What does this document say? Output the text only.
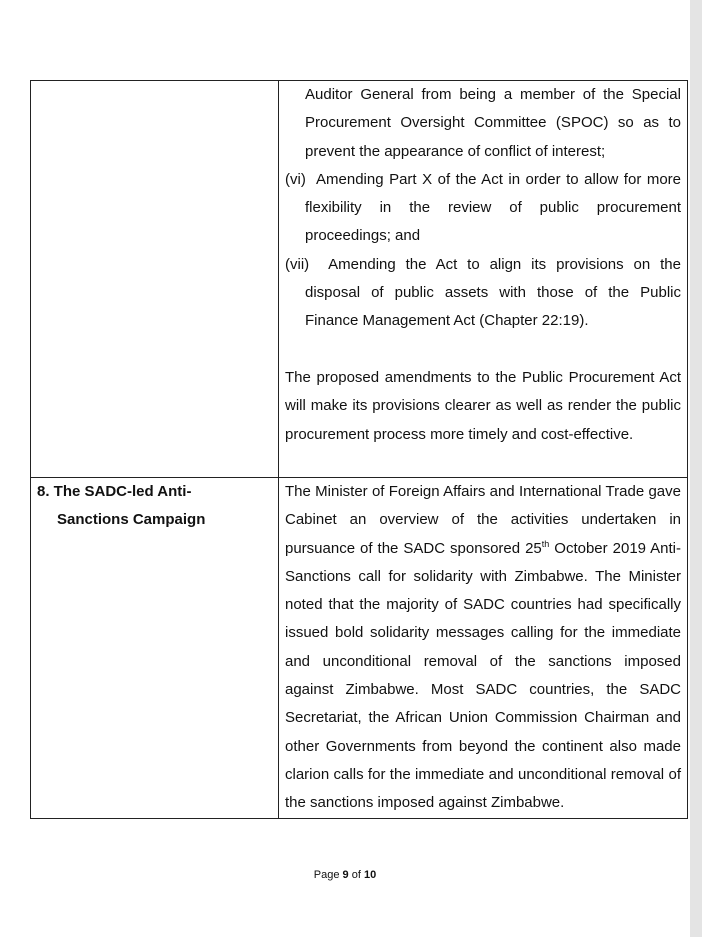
	Auditor General from being a member of the Special Procurement Oversight Committee (SPOC) so as to prevent the appearance of conflict of interest;
(vi) Amending Part X of the Act in order to allow for more flexibility in the review of public procurement proceedings; and
(vii) Amending the Act to align its provisions on the disposal of public assets with those of the Public Finance Management Act (Chapter 22:19).
The proposed amendments to the Public Procurement Act will make its provisions clearer as well as render the public procurement process more timely and cost-effective.

8. The SADC-led Anti-
Sanctions Campaign	The Minister of Foreign Affairs and International Trade gave Cabinet an overview of the activities undertaken in pursuance of the SADC sponsored 25th October 2019 Anti-Sanctions call for solidarity with Zimbabwe. The Minister noted that the majority of SADC countries had specifically issued bold solidarity messages calling for the immediate and unconditional removal of the sanctions imposed against Zimbabwe. Most SADC countries, the SADC Secretariat, the African Union Commission Chairman and other Governments from beyond the continent also made clarion calls for the immediate and unconditional removal of the sanctions imposed against Zimbabwe.
Page 9 of 10
